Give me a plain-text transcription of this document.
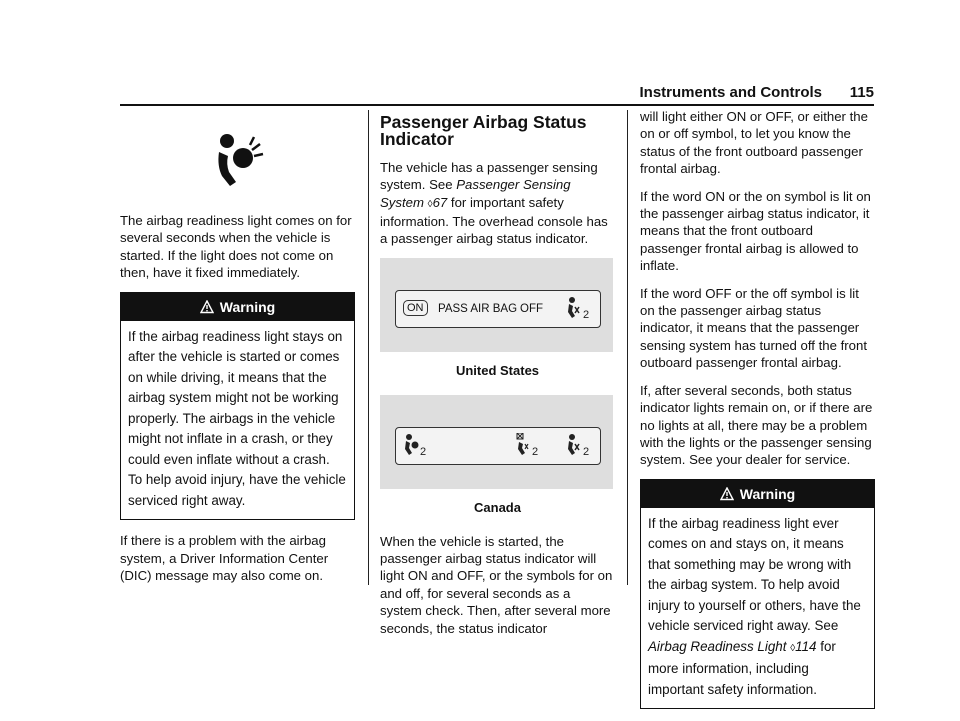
Instruments and Controls 115

The airbag readiness light comes on for several seconds when the vehicle is started. If the light does not come on then, have it fixed immediately.

Warning
If the airbag readiness light stays on after the vehicle is started or comes on while driving, it means that the airbag system might not be working properly. The airbags in the vehicle might not inflate in a crash, or they could even inflate without a crash. To help avoid injury, have the vehicle serviced right away.

If there is a problem with the airbag system, a Driver Information Center (DIC) message may also come on.

Passenger Airbag Status Indicator

The vehicle has a passenger sensing system. See Passenger Sensing System ◊67 for important safety information. The overhead console has a passenger airbag status indicator.

ON	PASS AIR BAG OFF	2
United States
2	2	2
Canada

When the vehicle is started, the passenger airbag status indicator will light ON and OFF, or the symbols for on and off, for several seconds as a system check. Then, after several more seconds, the status indicator

will light either ON or OFF, or either the on or off symbol, to let you know the status of the front outboard passenger frontal airbag.

If the word ON or the on symbol is lit on the passenger airbag status indicator, it means that the front outboard passenger frontal airbag is allowed to inflate.

If the word OFF or the off symbol is lit on the passenger airbag status indicator, it means that the passenger sensing system has turned off the front outboard passenger frontal airbag.

If, after several seconds, both status indicator lights remain on, or if there are no lights at all, there may be a problem with the lights or the passenger sensing system. See your dealer for service.

Warning
If the airbag readiness light ever comes on and stays on, it means that something may be wrong with the airbag system. To help avoid injury to yourself or others, have the vehicle serviced right away. See Airbag Readiness Light ◊114 for more information, including important safety information.
